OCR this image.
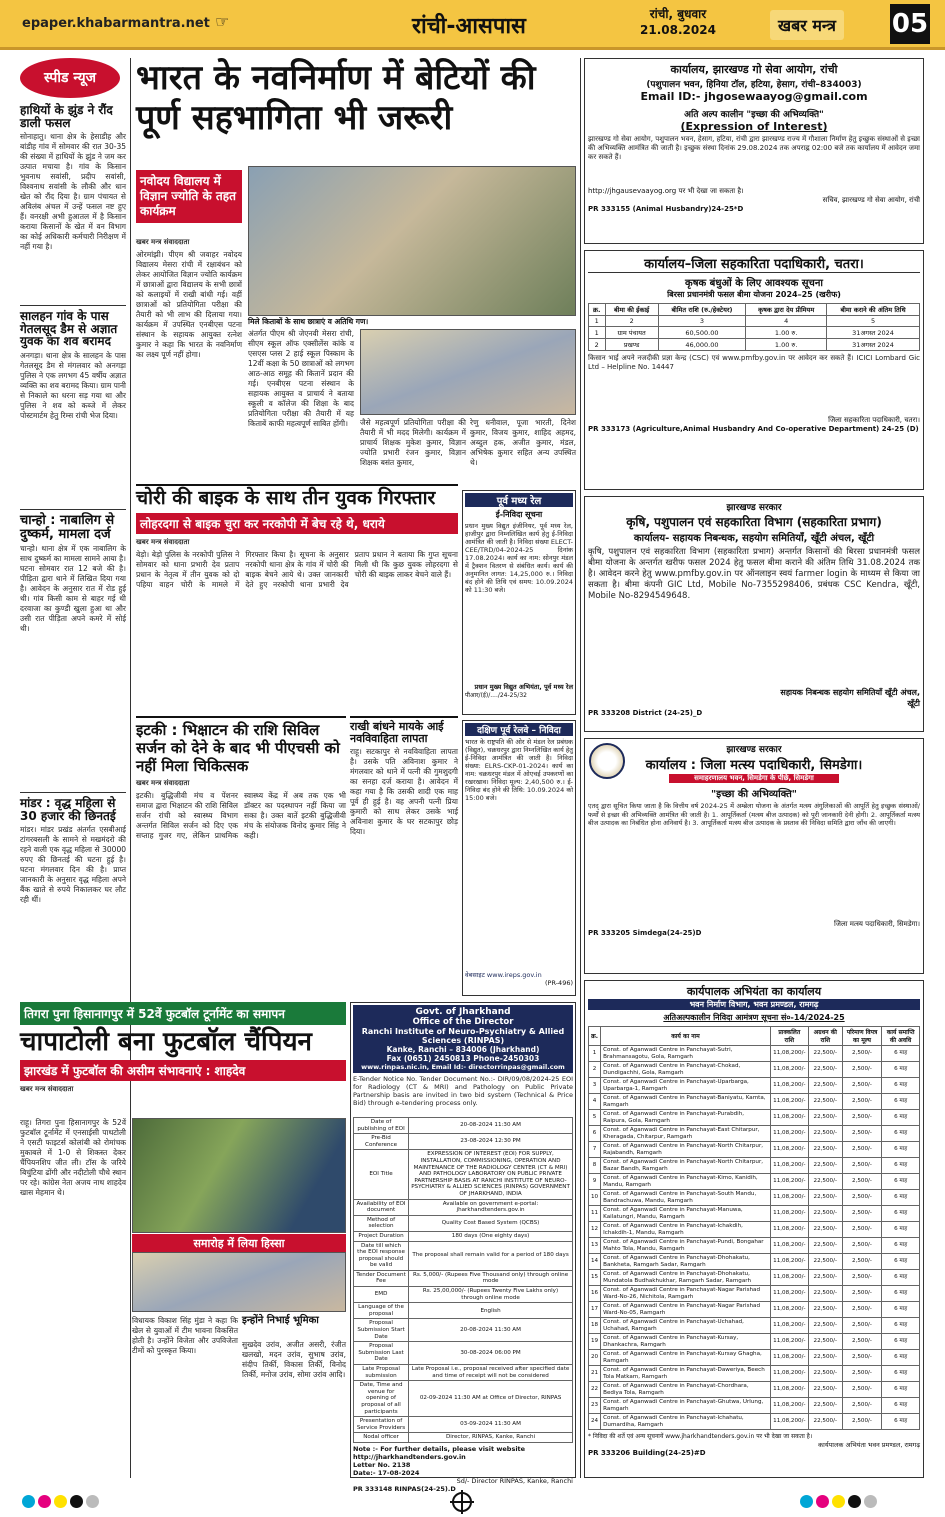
epaper.khabarmantra.net ☞	रांची-आसपास	रांची, बुधवार
21.08.2024	खबर मन्त्र	05
स्पीड न्यूज
हाथियों के झुंड ने रौंद डाली फसल
सोनाहातु। थाना क्षेत्र के हेसाडीह और बांडीह गांव में सोमवार की रात 30-35 की संख्या में हाथियों के झुंड ने जम कर उत्पात मचाया है। गांव के किसान भुवनाथ सवांसी, प्रदीप सवांसी, विश्वनाथ सवांसी के लौकी और धान खेत को रौंद दिया है। ग्राम पंचायत से अविलंब अंचल में उन्हें फसल नष्ट हुए हैं। वनरक्षी अभी हुआतल में है किसान कराया किसानों के खेत में वन विभाग का कोई अधिकारी कर्मचारी निरीक्षण में नहीं गया है।
सालहन गांव के पास गेतलसूद डैम से अज्ञात युवक का शव बरामद
अनगड़ा। थाना क्षेत्र के सालहन के पास गेतलसूद डैम से मंगलवार को अनगड़ा पुलिस ने एक लगभग 45 वर्षीय अज्ञात व्यक्ति का शव बरामद किया। ग्राम पानी से निकाले का धरना सड़ गया था और पुलिस ने शव को कब्जे में लेकर पोस्टमार्टम हेतु रिम्स रांची भेज दिया।
चान्हो : नाबालिग से दुष्कर्म, मामला दर्ज
चान्हो। थाना क्षेत्र में एक नाबालिग के साथ दुष्कर्म का मामला सामने आया है। घटना सोमवार रात 12 बजे की है। पीड़िता द्वारा थाने में लिखित दिया गया है। आवेदन के अनुसार रात में रोड हुई थी। गांव किसी काम से बाहर गई थी दरवाजा का कुण्डी खुला हुआ था और उसी रात पीड़िता अपने कमरे में सोई थी।
मांडर : वृद्ध महिला से 30 हजार की छिनतई
मांडर। मांडर प्रखंड अंतर्गत एसबीआई टांगरबसली के सामने से मखमंदरो की रहने वाली एक वृद्ध महिला से 30000 रुपए की छिनतई की घटना हुई है। घटना मंगलवार दिन की है। प्राप्त जानकारी के अनुसार वृद्ध महिला अपने बैंक खाते से रुपये निकालकर घर लौट रही थीं।
भारत के नवनिर्माण में बेटियों की पूर्ण सहभागिता भी जरूरी
नवोदय विद्यालय में विज्ञान ज्योति के तहत कार्यक्रम
मिले किताबों के साथ छात्राएं व अतिथि गण।
खबर मन्त्र संवाददाता
ओरमांझी। पीएम श्री जवाहर नवोदय विद्यालय मेसरा रांची में रक्षाबंधन को लेकर आयोजित विज्ञान ज्योति कार्यक्रम में छात्राओं द्वारा विद्यालय के सभी छात्रों को कलाइयों में राखी बांधी गई। वहीं छात्राओं को प्रतियोगिता परीक्षा की तैयारी को भी लाभ की दिलाया गया। कार्यक्रम में उपस्थित एनबीएस पटना संस्थान के सहायक आयुक्त रत्नेश कुमार ने कहा कि भारत के नवनिर्माण का लक्ष्य पूर्ण नहीं होगा।
अंतर्गत पीएम श्री जेएनवी मेसरा रांची, सीएम स्कूल ऑफ एक्सीलेंस कांके व एसएस प्लस 2 हाई स्कूल पिस्काम के 12वीं कक्षा के 50 छात्राओं को लगभग आठ-आठ समूह की कितानें प्रदान की गई। एनबीएस पटना संस्थान के सहायक आयुक्त व प्राचार्य ने बताया स्कूली व कॉलेज की शिक्षा के बाद प्रतियोगिता परीक्षा की तैयारी में यह किताबें काफी महत्वपूर्ण साबित होंगी।	जैसे महत्वपूर्ण प्रतियोगिता परीक्षा की तैयारी में भी मदद मिलेगी। कार्यक्रम में प्राचार्य शिक्षक मुकेश कुमार, विज्ञान ज्योति प्रभारी रंजन कुमार, विज्ञान शिक्षक बसंत कुमार,
रेणु धनीवाल, पूजा भारती, दिनेश कुमार, विजय कुमार, शाहिद अहमद, अब्दुल हक, अजीत कुमार, मंडल, अभिषेक कुमार सहित अन्य उपस्थित थे।
चोरी की बाइक के साथ तीन युवक गिरफ्तार
लोहरदगा से बाइक चुरा कर नरकोपी में बेच रहे थे, धराये
खबर मन्त्र संवाददाता
बेड़ो। बेड़ो पुलिस के नरकोपी पुलिस ने सोमवार को थाना प्रभारी देव प्रताप प्रधान के नेतृत्व में तीन युवक को दो पहिया वाहन चोरी के मामले में गिरफ्तार किया है। सूचना के अनुसार नरकोपी थाना क्षेत्र के गांव में चोरी की बाइक बेचने आये थे। उक्त जानकारी देते हुए नरकोपी थाना प्रभारी देव प्रताप प्रधान ने बताया कि गुप्त सूचना मिली थी कि कुछ युवक लोहरदगा से चोरी की बाइक लाकर बेचने वाले हैं।
इटकी : भिक्षाटन की राशि सिविल सर्जन को देने के बाद भी पीएचसी को नहीं मिला चिकित्सक
खबर मन्त्र संवाददाता
इटकी। बुद्धिजीवी मंच व पेंशनर समाज द्वारा भिक्षाटन की राशि सिविल सर्जन रांची को स्वास्थ्य विभाग अन्तर्गत सिविल सर्जन को दिए एक सप्ताह गुजर गए, लेकिन प्राथमिक स्वास्थ्य केंद्र में अब तक एक भी डॉक्टर का पदस्थापन नहीं किया जा सका है। उक्त बातें इटकी बुद्धिजीवी मंच के संयोजक विनोद कुमार सिंह ने कही।
राखी बांधने मायके आई नवविवाहिता लापता
राहू। सटकापुर से नवविवाहिता लापता है। उसके पति अविनाश कुमार ने मंगलवार को थाने में पत्नी की गुमशुदगी का सनहा दर्ज कराया है। आवेदन में कहा गया है कि उसकी शादी एक माह पूर्व ही हुई है। वह अपनी पत्नी प्रिया कुमारी को साथ लेकर उसके भाई अविनाश कुमार के घर सटकापुर छोड़ दिया।
पूर्व मध्य रेल
ई-निविदा सूचना
प्रधान मुख्य विद्युत इंजीनियर, पूर्व मध्य रेल, हाजीपुर द्वारा निम्नलिखित कार्य हेतु ई-निविदा आमंत्रित की जाती है। निविदा संख्या ELECT-CEE/TRD/04-2024-25 दिनांक 17.08.2024। कार्य का नाम: सोनपुर मंडल में ट्रैक्शन वितरण से संबंधित कार्य। कार्य की अनुमानित लागत: 14,25,000 रु.। निविदा बंद होने की तिथि एवं समय: 10.09.2024 को 11:30 बजे।
प्रधान मुख्य विद्युत अभियंता, पूर्व मध्य रेल
पीआर/(ई)/..../24-25/32
दक्षिण पूर्व रेलवे – निविदा
भारत के राष्ट्रपति की ओर से मंडल रेल प्रबंधक (विद्युत), चक्रधरपुर द्वारा निम्नलिखित कार्य हेतु ई-निविदा आमंत्रित की जाती है। निविदा संख्या: ELRS-CKP-01-2024। कार्य का नाम: चक्रधरपुर मंडल में ओएचई उपकरणों का रखरखाव। निविदा मूल्य: 2,40,500 रु.। ई-निविदा बंद होने की तिथि: 10.09.2024 को 15:00 बजे।
वेबसाइट www.ireps.gov.in
(PR-496)
तिगरा पुना हिसानागपुर में 52वें फुटबॉल टूर्नामेंट का समापन
चापाटोली बना फुटबॉल चैंपियन
झारखंड में फुटबॉल की असीम संभावनाएं : शाहदेव
खबर मन्त्र संवाददाता
राहू। तिगरा पुना हिसानागपुर के 52वें फुटबॉल टूर्नामेंट में एनसाईसी पाथटोली ने एसटी फाइटर्स कोलांबी को रोमांचक मुकाबले में 1-0 से शिकस्त देकर चैंपियनशिप जीत ली। टॉस के जरिये बिचुंटिया ढोंगी और नदीटोली चौथे स्थान पर रहे। कांग्रेस नेता अजय नाथ शाहदेव खास मेहमान थे।
समारोह में लिया हिस्सा
विधायक विकाश सिंह मुंडा ने कहा कि खेल से युवाओं में टीम भावना विकसित होती है। उन्होंने विजेता और उपविजेता टीमों को पुरस्कृत किया।
इन्होंने निभाई भूमिका
सुखदेव उरांव, अजीत असरी, रंजीत खलखो, मदन उरांव, सुभाष उरांव, संदीप तिर्की, विकास तिर्की, विनोद तिर्की, मनोज उरांव, सोमा उरांव आदि।
Govt. of Jharkhand
Office of the Director
Ranchi Institute of Neuro-Psychiatry & Allied Sciences (RINPAS)
Kanke, Ranchi – 834006 (Jharkhand)
Fax (0651) 2450813 Phone-2450303
www.rinpas.nic.in, Email Id:- directorrinpas@gmail.com
E-Tender Notice No. Tender Document No.:- DIR/09/08/2024-25 EOI for Radiology (CT & MRI) and Pathology on Public Private Partnership basis are invited in two bid system (Technical & Price Bid) through e-tendering process only.
Date of publishing of EOI	20-08-2024 11:30 AM
Pre-Bid Conference	23-08-2024 12:30 PM
EOI Title	EXPRESSION OF INTEREST (EOI) FOR SUPPLY, INSTALLATION, COMMISSIONING, OPERATION AND MAINTENANCE OF THE RADIOLOGY CENTER (CT & MRI) AND PATHOLOGY LABORATORY ON PUBLIC PRIVATE PARTNERSHIP BASIS AT RANCHI INSTITUTE OF NEURO-PSYCHIATRY & ALLIED SCIENCES (RINPAS) GOVERNMENT OF JHARKHAND, INDIA
Availability of EOI document	Available on government e-portal: jharkhandtenders.gov.in
Method of selection	Quality Cost Based System (QCBS)
Project Duration	180 days (One eighty days)
Date till which the EOI response proposal should be valid	The proposal shall remain valid for a period of 180 days
Tender Document Fee	Rs. 5,000/- (Rupees Five Thousand only) through online mode
EMD	Rs. 25,00,000/- (Rupees Twenty Five Lakhs only) through online mode
Language of the proposal	English
Proposal Submission Start Date	20-08-2024 11:30 AM
Proposal Submission Last Date	30-08-2024 06:00 PM
Late Proposal submission	Late Proposal i.e., proposal received after specified date and time of receipt will not be considered
Date, Time and venue for opening of proposal of all participants	02-09-2024 11:30 AM at Office of Director, RINPAS
Presentation of Service Providers	03-09-2024 11:30 AM
Nodal officer	Director, RINPAS, Kanke, Ranchi
Note :- For further details, please visit website http://jharkhandtenders.gov.in
Letter No. 2138
Date:- 17-08-2024
Sd/- Director RINPAS, Kanke, Ranchi
PR 333148 RINPAS(24-25).D
कार्यालय, झारखण्ड गो सेवा आयोग, रांची
(पशुपालन भवन, हिनिया टॉल, हटिया, हेसाग, रांची–834003)
Email ID:- jhgosewaayog@gmail.com
अति अल्प कालीन "इच्छा की अभिव्यक्ति"
(Expression of Interest)
झारखण्ड गो सेवा आयोग, पशुपालन भवन, हेसाग, हटिया, रांची द्वारा झारखण्ड राज्य में गौशाला निर्माण हेतु इच्छुक संस्थाओं से इच्छा की अभिव्यक्ति आमंत्रित की जाती है। इच्छुक संस्था दिनांक 29.08.2024 तक अपराह्न 02:00 बजे तक कार्यालय में आवेदन जमा कर सकते हैं।
http://jhgausevaayog.org पर भी देखा जा सकता है।
सचिव, झारखण्ड गो सेवा आयोग, रांची
PR 333155 (Animal Husbandry)24-25*D
कार्यालय–जिला सहकारिता पदाधिकारी, चतरा।
कृषक बंधुओं के लिए आवश्यक सूचना
बिरसा प्रधानमंत्री फसल बीमा योजना 2024–25 (खरीफ)
क्र.	बीमा की ईकाई	बीमित राशि (रु./हेक्टेयर)	कृषक द्वारा देय प्रीमियम	बीमा कराने की अंतिम तिथि
1	2	3	4	5
1	ग्राम पंचायत	60,500.00	1.00 रु.	31अगस्त 2024
2	प्रखण्ड	46,000.00	1.00 रु.	31अगस्त 2024
किसान भाई अपने नजदीकी प्रज्ञा केन्द्र (CSC) एवं www.pmfby.gov.in पर आवेदन कर सकते हैं। ICICI Lombard Gic Ltd – Helpline No. 14447
जिला सहकारिता पदाधिकारी, चतरा।
PR 333173 (Agriculture,Animal Husbandry And Co-operative Department) 24-25 (D)
झारखण्ड सरकार
कृषि, पशुपालन एवं सहकारिता विभाग (सहकारिता प्रभाग)
कार्यालय- सहायक निबन्धक, सहयोग समितियाँ, खूँटी अंचल, खूँटी
कृषि, पशुपालन एवं सहकारिता विभाग (सहकारिता प्रभाग) अन्तर्गत किसानों की बिरसा प्रधानमंत्री फसल बीमा योजना के अन्तर्गत खरीफ फसल 2024 हेतु फसल बीमा कराने की अंतिम तिथि 31.08.2024 तक है। आवेदन करने हेतु www.pmfby.gov.in पर ऑनलाइन स्वयं farmer login के माध्यम से किया जा सकता है। बीमा कंपनी GIC Ltd, Mobile No-7355298406, प्रबंधक CSC Kendra, खूँटी, Mobile No-8294549648.
सहायक निबन्धक सहयोग समितियाँ खूँटी अंचल, खूँटी
PR 333208 District (24-25)_D
झारखण्ड सरकार
कार्यालय : जिला मत्स्य पदाधिकारी, सिमडेगा।
समाहरणालय भवन, सिमडेगा के पीछे, सिमडेगा
"इच्छा की अभिव्यक्ति"
एतद् द्वारा सूचित किया जाता है कि वित्तीय वर्ष 2024-25 में अम्ब्रेला योजना के अंतर्गत मत्स्य अंगुलिकाओं की आपूर्ति हेतु इच्छुक संस्थाओं/फर्मों से इच्छा की अभिव्यक्ति आमंत्रित की जाती है। 1. आपूर्तिकर्ता (मत्स्य बीज उत्पादक) को पूरी जानकारी देनी होगी। 2. आपूर्तिकर्ता मत्स्य बीज उत्पादक का निबंधित होना अनिवार्य है। 3. आपूर्तिकर्ता मत्स्य बीज उत्पादक के प्रस्ताव की निविदा समिति द्वारा जाँच की जाएगी।
जिला मत्स्य पदाधिकारी, सिमडेगा।
PR 333205 Simdega(24-25)D
कार्यपालक अभियंता का कार्यालय
भवन निर्माण विभाग, भवन प्रमण्डल, रामगढ़
अतिअल्पकालीन निविदा आमंत्रण सूचना सं०-14/2024-25
क्र.	कार्य का नाम	प्राक्कलित राशि	अग्रधन की राशि	परिमाण विपत्र का मूल्य	कार्य समाप्ति की अवधि
1	Const. of Aganwadi Centre in Panchayat-Sutri, Brahmansagotu, Gola, Ramgarh	11,08,200/-	22,500/-	2,500/-	6 माह
2	Const. of Aganwadi Centre in Panchayat-Chokad, Dundigachhi, Gola, Ramgarh	11,08,200/-	22,500/-	2,500/-	6 माह
3	Const. of Aganwadi Centre in Panchayat-Uparbarga, Uparbarga-1, Ramgarh	11,08,200/-	22,500/-	2,500/-	6 माह
4	Const. of Aganwadi Centre in Panchayat-Baniyatu, Kamta, Ramgarh	11,08,200/-	22,500/-	2,500/-	6 माह
5	Const. of Aganwadi Centre in Panchayat-Purabdih, Raipura, Gola, Ramgarh	11,08,200/-	22,500/-	2,500/-	6 माह
6	Const. of Aganwadi Centre in Panchayat-East Chitarpur, Kheragada, Chitarpur, Ramgarh	11,08,200/-	22,500/-	2,500/-	6 माह
7	Const. of Aganwadi Centre in Panchayat-North Chitarpur, Rajabandh, Ramgarh	11,08,200/-	22,500/-	2,500/-	6 माह
8	Const. of Aganwadi Centre in Panchayat-North Chitarpur, Bazar Bandh, Ramgarh	11,08,200/-	22,500/-	2,500/-	6 माह
9	Const. of Aganwadi Centre in Panchayat-Kimo, Kanidih, Mandu, Ramgarh	11,08,200/-	22,500/-	2,500/-	6 माह
10	Const. of Aganwadi Centre in Panchayat-South Mandu, Bandrachuwa, Mandu, Ramgarh	11,08,200/-	22,500/-	2,500/-	6 माह
11	Const. of Aganwadi Centre in Panchayat-Manuwa, Kailatungri, Mandu, Ramgarh	11,08,200/-	22,500/-	2,500/-	6 माह
12	Const. of Aganwadi Centre in Panchayat-Ichakdih, Ichakdih-1, Mandu, Ramgarh	11,08,200/-	22,500/-	2,500/-	6 माह
13	Const. of Aganwadi Centre in Panchayat-Pundi, Bongahar Mahto Tola, Mandu, Ramgarh	11,08,200/-	22,500/-	2,500/-	6 माह
14	Const. of Aganwadi Centre in Panchayat-Dhohakatu, Bankheta, Ramgarh Sadar, Ramgarh	11,08,200/-	22,500/-	2,500/-	6 माह
15	Const. of Aganwadi Centre in Panchayat-Dhohakatu, Mundatola Budhakhukhar, Ramgarh Sadar, Ramgarh	11,08,200/-	22,500/-	2,500/-	6 माह
16	Const. of Aganwadi Centre in Panchayat-Nagar Parishad Ward-No-26, Nichitola, Ramgarh	11,08,200/-	22,500/-	2,500/-	6 माह
17	Const. of Aganwadi Centre in Panchayat-Nagar Parishad Ward-No-05, Ramgarh	11,08,200/-	22,500/-	2,500/-	6 माह
18	Const. of Aganwadi Centre in Panchayat-Uchahad, Uchahad, Ramgarh	11,08,200/-	22,500/-	2,500/-	6 माह
19	Const. of Aganwadi Centre in Panchayat-Kursay, Dhankachra, Ramgarh	11,08,200/-	22,500/-	2,500/-	6 माह
20	Const. of Aganwadi Centre in Panchayat-Kursay Ghagha, Ramgarh	11,08,200/-	22,500/-	2,500/-	6 माह
21	Const. of Aganwadi Centre in Panchayat-Daweriya, Beech Tola Matkam, Ramgarh	11,08,200/-	22,500/-	2,500/-	6 माह
22	Const. of Aganwadi Centre in Panchayat-Chordhara, Bediya Tola, Ramgarh	11,08,200/-	22,500/-	2,500/-	6 माह
23	Const. of Aganwadi Centre in Panchayat-Ghutwa, Urlung, Ramgarh	11,08,200/-	22,500/-	2,500/-	6 माह
24	Const. of Aganwadi Centre in Panchayat-Ichahatu, Dumardiha, Ramgarh	11,08,200/-	22,500/-	2,500/-	6 माह
* निविदा की शर्ते एवं अन्य सूचनायें www.jharkhandtenders.gov.in पर भी देखा जा सकता है।
कार्यपालक अभियंता भवन प्रमण्डल, रामगढ़
PR 333206 Building(24-25)#D
